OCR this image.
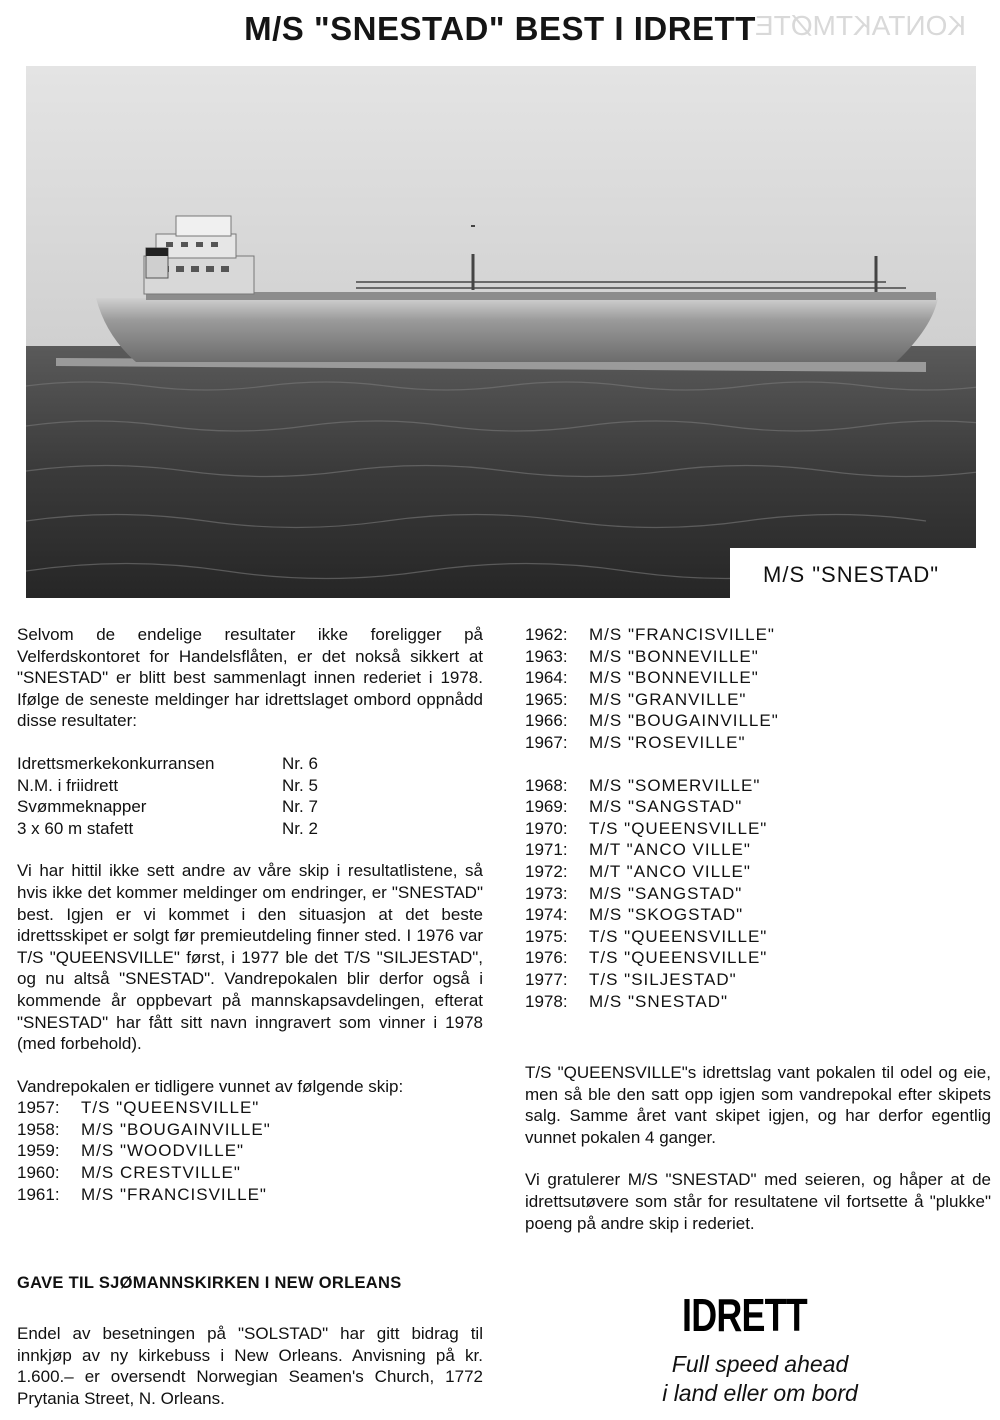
KONTAKTMØTE
M/S "SNESTAD" BEST I IDRETT
M/S "SNESTAD"

Selvom de endelige resultater ikke foreligger på Velferdskontoret for Handelsflåten, er det nokså sikkert at "SNESTAD" er blitt best sammenlagt innen rederiet i 1978. Ifølge de seneste meldinger har idrettslaget ombord oppnådd disse resultater:

Idrettsmerkekonkurransen	Nr. 6
N.M. i friidrett	Nr. 5
Svømmeknapper	Nr. 7
3 x 60 m stafett	Nr. 2

Vi har hittil ikke sett andre av våre skip i resultatlistene, så hvis ikke det kommer meldinger om endringer, er "SNESTAD" best. Igjen er vi kommet i den situasjon at det beste idrettsskipet er solgt før premieutdeling finner sted. I 1976 var T/S "QUEENSVILLE" først, i 1977 ble det T/S "SILJESTAD", og nu altså "SNESTAD". Vandrepokalen blir derfor også i kommende år oppbevart på mannskapsavdelingen, efterat "SNESTAD" har fått sitt navn inngravert som vinner i 1978 (med forbehold).

Vandrepokalen er tidligere vunnet av følgende skip:

1957:	T/S "QUEENSVILLE"
1958:	M/S "BOUGAINVILLE"
1959:	M/S "WOODVILLE"
1960:	M/S CRESTVILLE"
1961:	M/S "FRANCISVILLE"
1962:	M/S "FRANCISVILLE"
1963:	M/S "BONNEVILLE"
1964:	M/S "BONNEVILLE"
1965:	M/S "GRANVILLE"
1966:	M/S "BOUGAINVILLE"
1967:	M/S "ROSEVILLE"
1968:	M/S "SOMERVILLE"
1969:	M/S "SANGSTAD"
1970:	T/S "QUEENSVILLE"
1971:	M/T "ANCO VILLE"
1972:	M/T "ANCO VILLE"
1973:	M/S "SANGSTAD"
1974:	M/S "SKOGSTAD"
1975:	T/S "QUEENSVILLE"
1976:	T/S "QUEENSVILLE"
1977:	T/S "SILJESTAD"
1978:	M/S "SNESTAD"

T/S "QUEENSVILLE"s idrettslag vant pokalen til odel og eie, men så ble den satt opp igjen som vandrepokal efter skipets salg. Samme året vant skipet igjen, og har derfor egentlig vunnet pokalen 4 ganger.

Vi gratulerer M/S "SNESTAD" med seieren, og håper at de idrettsutøvere som står for resultatene vil fortsette å "plukke" poeng på andre skip i rederiet.

GAVE TIL SJØMANNSKIRKEN I NEW ORLEANS

Endel av besetningen på "SOLSTAD" har gitt bidrag til innkjøp av ny kirkebuss i New Orleans. Anvisning på kr. 1.600.– er oversendt Norwegian Seamen's Church, 1772 Prytania Street, N. Orleans.

IDRETT
Full speed ahead
i land eller om bord
